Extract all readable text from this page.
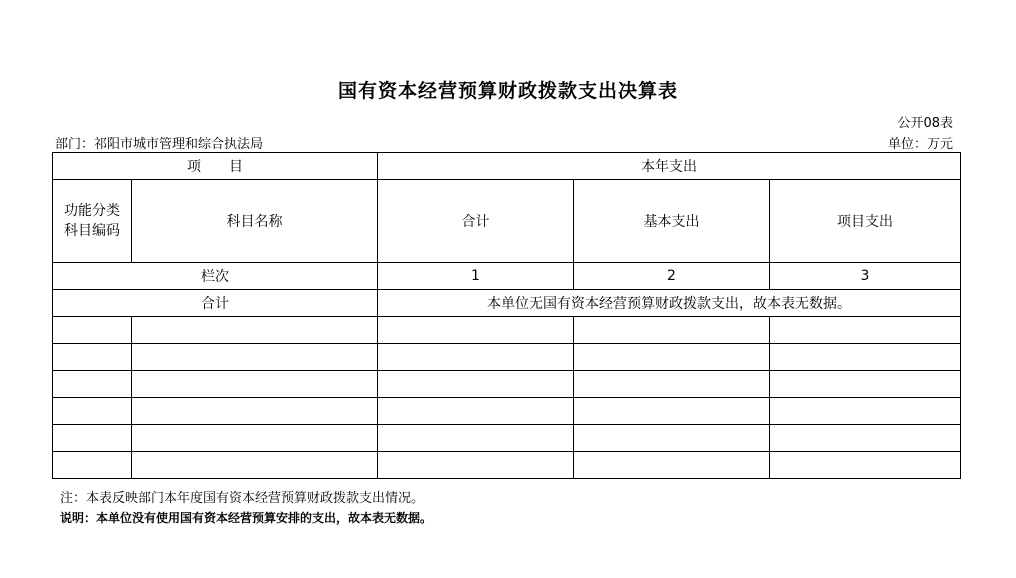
国有资本经营预算财政拨款支出决算表
公开08表
部门：祁阳市城市管理和综合执法局	单位：万元
项　　目		本年支出		
功能分类
科目编码	科目名称	合计	基本支出	项目支出
栏次		1	2	3
合计		本单位无国有资本经营预算财政拨款支出，故本表无数据。		

注：本表反映部门本年度国有资本经营预算财政拨款支出情况。
说明：本单位没有使用国有资本经营预算安排的支出，故本表无数据。
